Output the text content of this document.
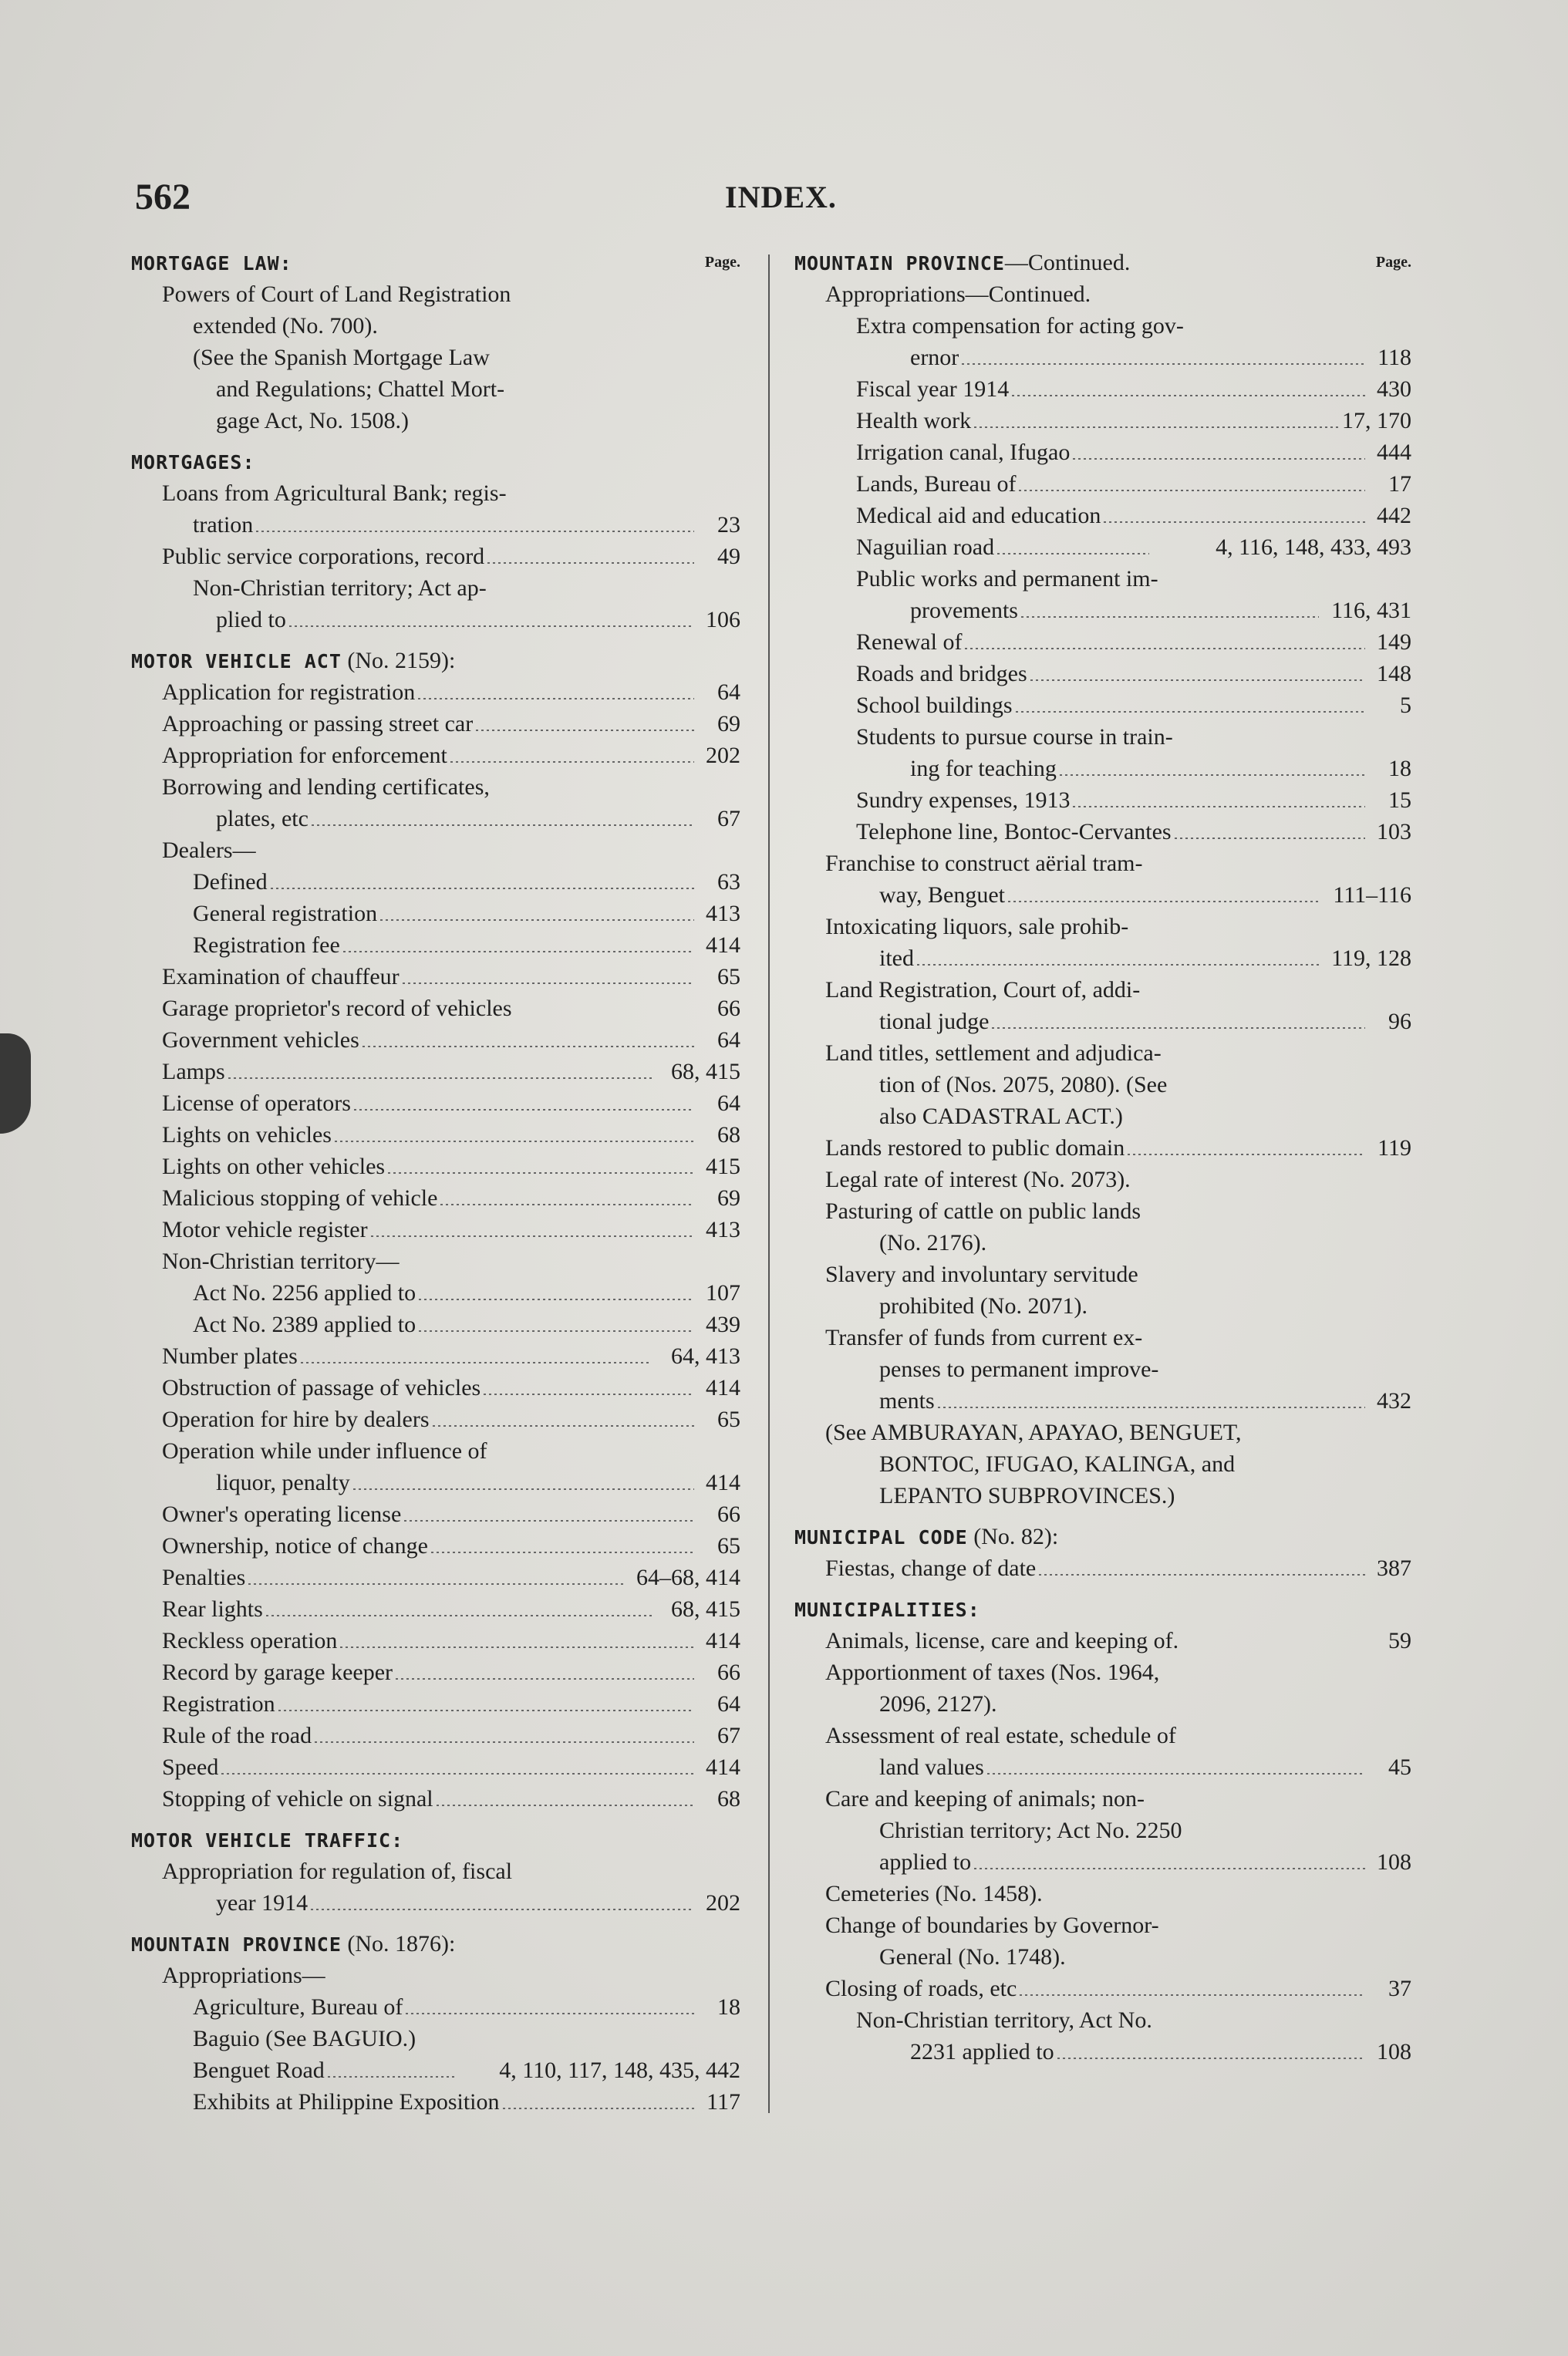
562	INDEX.
MORTGAGE LAW:	Page.
Powers of Court of Land Registration
extended (No. 700).
(See the Spanish Mortgage Law
and Regulations; Chattel Mort-
gage Act, No. 1508.)
MORTGAGES:
Loans from Agricultural Bank; regis-
tration	23
Public service corporations, record	49
Non-Christian territory; Act ap-
plied to	106
MOTOR VEHICLE ACT (No. 2159):
Application for registration	64
Approaching or passing street car	69
Appropriation for enforcement	202
Borrowing and lending certificates,
plates, etc	67
Dealers—
Defined	63
General registration	413
Registration fee	414
Examination of chauffeur	65
Garage proprietor's record of vehicles	66
Government vehicles	64
Lamps	68, 415
License of operators	64
Lights on vehicles	68
Lights on other vehicles	415
Malicious stopping of vehicle	69
Motor vehicle register	413
Non-Christian territory—
Act No. 2256 applied to	107
Act No. 2389 applied to	439
Number plates	64, 413
Obstruction of passage of vehicles	414
Operation for hire by dealers	65
Operation while under influence of
liquor, penalty	414
Owner's operating license	66
Ownership, notice of change	65
Penalties	64–68, 414
Rear lights	68, 415
Reckless operation	414
Record by garage keeper	66
Registration	64
Rule of the road	67
Speed	414
Stopping of vehicle on signal	68
MOTOR VEHICLE TRAFFIC:
Appropriation for regulation of, fiscal
year 1914	202
MOUNTAIN PROVINCE (No. 1876):
Appropriations—
Agriculture, Bureau of	18
Baguio (See BAGUIO.)
Benguet Road	4, 110, 117, 148, 435, 442
Exhibits at Philippine Exposition	117
MOUNTAIN PROVINCE—Continued.	Page.
Appropriations—Continued.
Extra compensation for acting gov-
ernor	118
Fiscal year 1914	430
Health work	17, 170
Irrigation canal, Ifugao	444
Lands, Bureau of	17
Medical aid and education	442
Naguilian road	4, 116, 148, 433, 493
Public works and permanent im-
provements	116, 431
Renewal of	149
Roads and bridges	148
School buildings	5
Students to pursue course in train-
ing for teaching	18
Sundry expenses, 1913	15
Telephone line, Bontoc-Cervantes	103
Franchise to construct aërial tram-
way, Benguet	111–116
Intoxicating liquors, sale prohib-
ited	119, 128
Land Registration, Court of, addi-
tional judge	96
Land titles, settlement and adjudica-
tion of (Nos. 2075, 2080). (See
also CADASTRAL ACT.)
Lands restored to public domain	119
Legal rate of interest (No. 2073).
Pasturing of cattle on public lands
(No. 2176).
Slavery and involuntary servitude
prohibited (No. 2071).
Transfer of funds from current ex-
penses to permanent improve-
ments	432
(See AMBURAYAN, APAYAO, BENGUET,
BONTOC, IFUGAO, KALINGA, and
LEPANTO SUBPROVINCES.)
MUNICIPAL CODE (No. 82):
Fiestas, change of date	387
MUNICIPALITIES:
Animals, license, care and keeping of.	59
Apportionment of taxes (Nos. 1964,
2096, 2127).
Assessment of real estate, schedule of
land values	45
Care and keeping of animals; non-
Christian territory; Act No. 2250
applied to	108
Cemeteries (No. 1458).
Change of boundaries by Governor-
General (No. 1748).
Closing of roads, etc	37
Non-Christian territory, Act No.
2231 applied to	108
